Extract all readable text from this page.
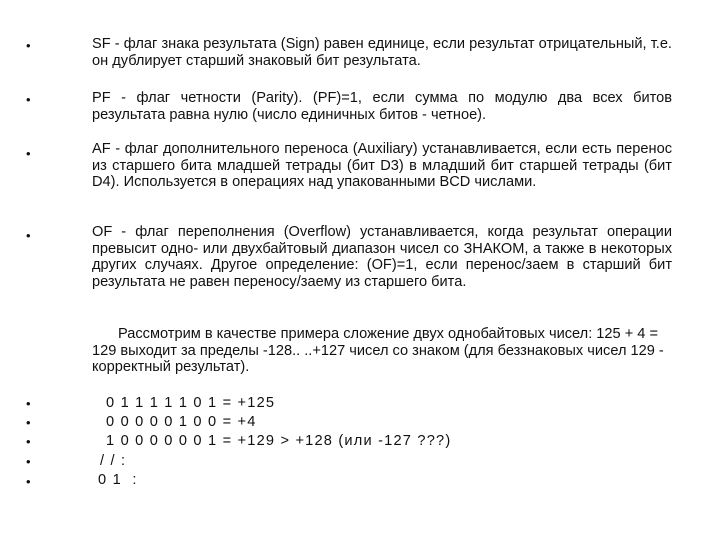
•	SF - флаг знака результата (Sign) равен единице, если результат отрицательный, т.е. он дублирует старший знаковый бит результата.
•	PF - флаг четности (Parity). (PF)=1, если сумма по модулю два всех битов результата равна нулю (число единичных битов - четное).
•	AF - флаг дополнительного переноса (Auxiliary) устанавливается, если есть перенос из старшего бита младшей тетрады (бит D3) в младший бит старшей тетрады (бит D4). Используется в операциях над упакованными BCD числами.
•	OF - флаг переполнения (Overflow) устанавливается, когда результат операции превысит одно- или двухбайтовый диапазон чисел со ЗНАКОМ, а также в некоторых других случаях. Другое определение: (OF)=1, если перенос/заем в старший бит результата не равен переносу/заему из старшего бита.
Рассмотрим в качестве примера сложение двух однобайтовых чисел: 125 + 4 = 129 выходит за пределы -128.. ..+127 чисел со знаком (для беззнаковых чисел 129 - корректный результат).
•	0 1 1 1 1 1 0 1 = +125
•	0 0 0 0 0 1 0 0 = +4
•	1 0 0 0 0 0 0 1 = +129 > +128 (или -127 ???)
•	/ / :
•	0 1  :
